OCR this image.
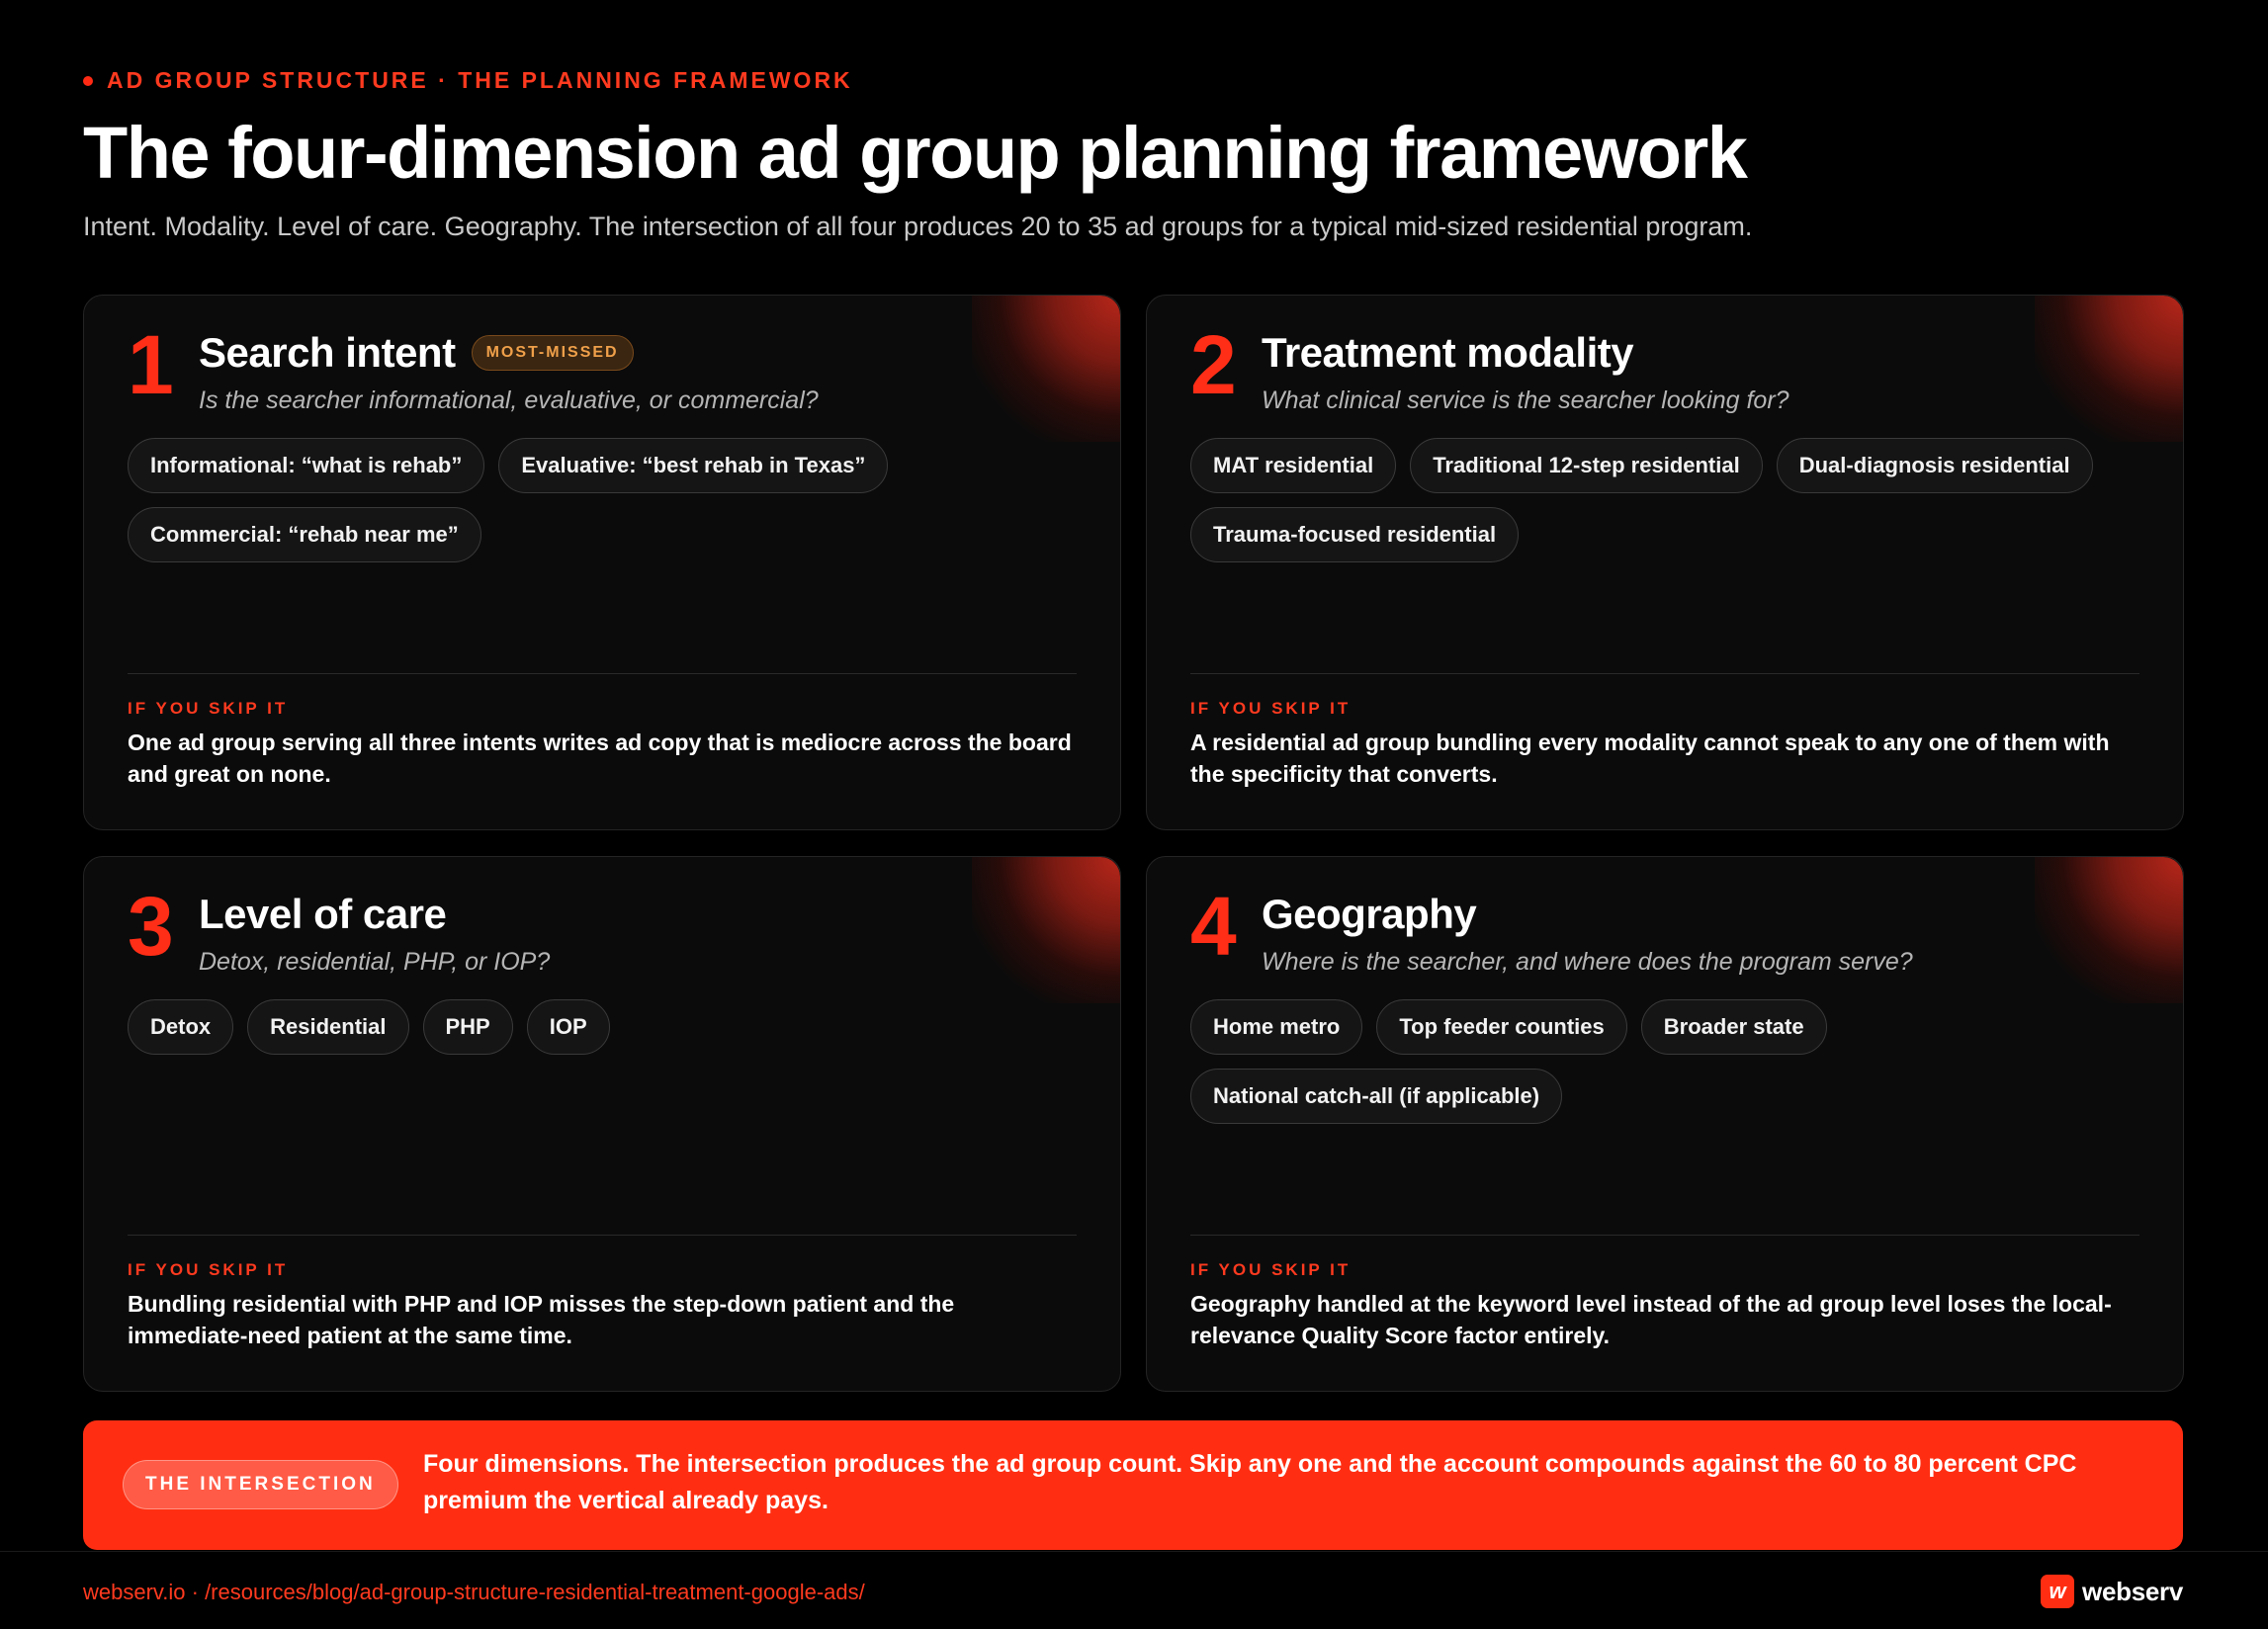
AD GROUP STRUCTURE · THE PLANNING FRAMEWORK
The four-dimension ad group planning framework

Intent. Modality. Level of care. Geography. The intersection of all four produces 20 to 35 ad groups for a typical mid-sized residential program.

1 Search intent	MOST-MISSED
Is the searcher informational, evaluative, or commercial?
Informational: “what is rehab”	Evaluative: “best rehab in Texas”
Commercial: “rehab near me”
IF YOU SKIP IT
One ad group serving all three intents writes ad copy that is mediocre across the board and great on none.
2 Treatment modality
What clinical service is the searcher looking for?
MAT residential	Traditional 12-step residential	Dual-diagnosis residential
Trauma-focused residential
IF YOU SKIP IT
A residential ad group bundling every modality cannot speak to any one of them with the specificity that converts.
3 Level of care
Detox, residential, PHP, or IOP?
Detox	Residential	PHP	IOP
IF YOU SKIP IT
Bundling residential with PHP and IOP misses the step-down patient and the immediate-need patient at the same time.
4 Geography
Where is the searcher, and where does the program serve?
Home metro	Top feeder counties	Broader state
National catch-all (if applicable)
IF YOU SKIP IT
Geography handled at the keyword level instead of the ad group level loses the local-relevance Quality Score factor entirely.
THE INTERSECTION

Four dimensions. The intersection produces the ad group count. Skip any one and the account compounds against the 60 to 80 percent CPC premium the vertical already pays.

webserv.io · /resources/blog/ad-group-structure-residential-treatment-google-ads/	w webserv
